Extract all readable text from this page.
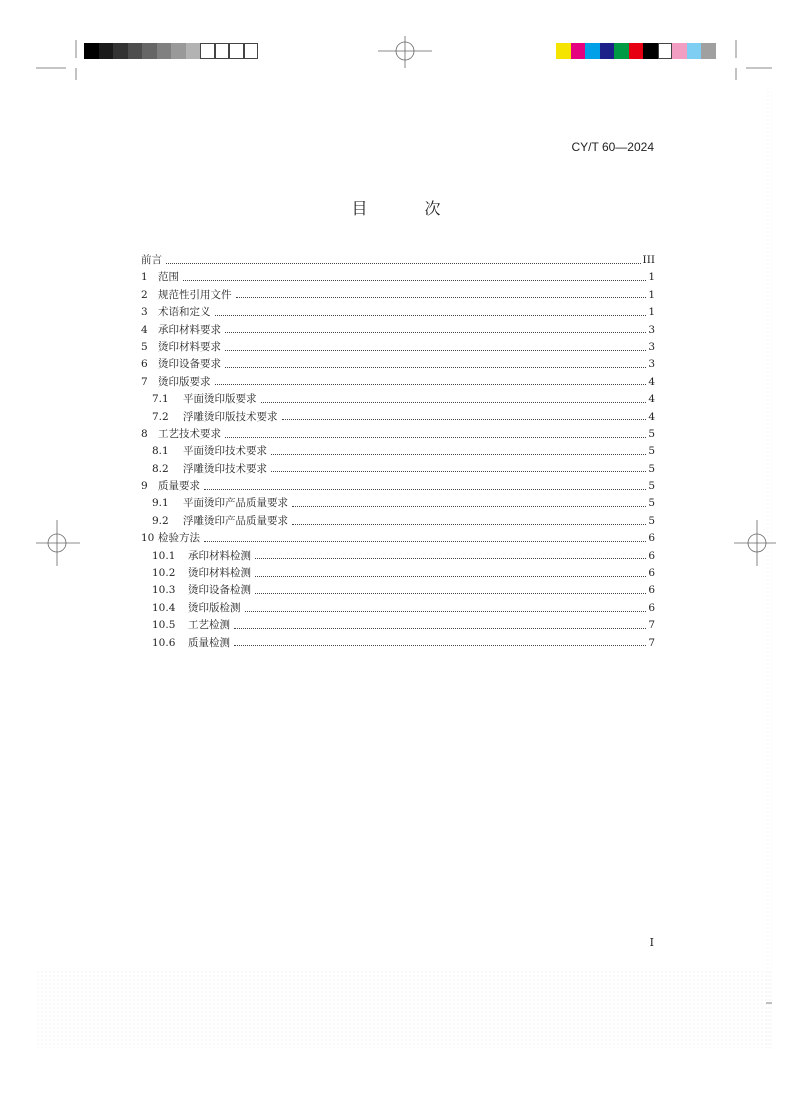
CY/T 60—2024
目 次
前言	III
1 范围	1
2 规范性引用文件	1
3 术语和定义	1
4 承印材料要求	3
5 烫印材料要求	3
6 烫印设备要求	3
7 烫印版要求	4
7.1	平面烫印版要求	4
7.2	浮雕烫印版技术要求	4
8 工艺技术要求	5
8.1	平面烫印技术要求	5
8.2	浮雕烫印技术要求	5
9 质量要求	5
9.1	平面烫印产品质量要求	5
9.2	浮雕烫印产品质量要求	5
10 检验方法	6
10.1	承印材料检测	6
10.2	烫印材料检测	6
10.3	烫印设备检测	6
10.4	烫印版检测	6
10.5	工艺检测	7
10.6	质量检测	7
I
